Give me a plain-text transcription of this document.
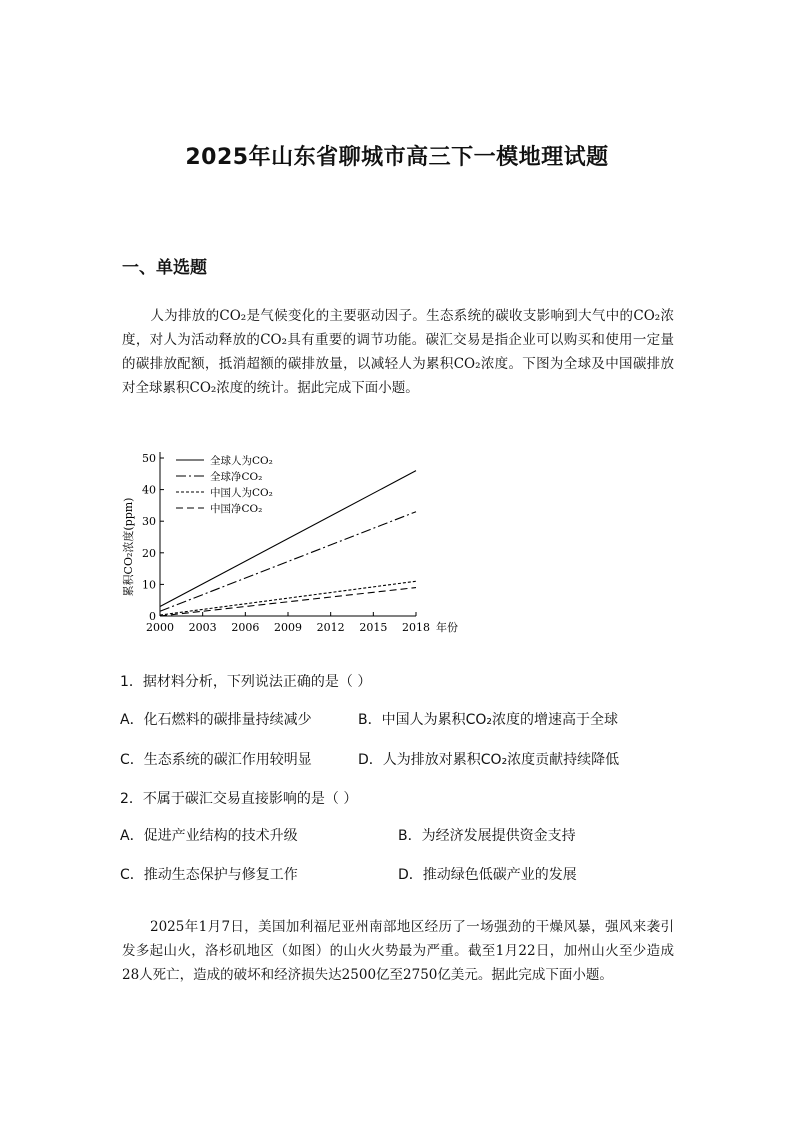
2025年山东省聊城市高三下一模地理试题
一、单选题
人为排放的CO₂是气候变化的主要驱动因子。生态系统的碳收支影响到大气中的CO₂浓度，对人为活动释放的CO₂具有重要的调节功能。碳汇交易是指企业可以购买和使用一定量的碳排放配额，抵消超额的碳排放量，以减轻人为累积CO₂浓度。下图为全球及中国碳排放对全球累积CO₂浓度的统计。据此完成下面小题。
0
10
20
30
40
50
2000 2003 2006 2009 2012 2015 2018 年份
累积CO₂浓度(ppm)
全球人为CO₂
全球净CO₂
中国人为CO₂
中国净CO₂
1．据材料分析，下列说法正确的是（ ）
A．化石燃料的碳排量持续减少	B．中国人为累积CO₂浓度的增速高于全球
C．生态系统的碳汇作用较明显	D．人为排放对累积CO₂浓度贡献持续降低
2．不属于碳汇交易直接影响的是（ ）
A．促进产业结构的技术升级	B．为经济发展提供资金支持
C．推动生态保护与修复工作	D．推动绿色低碳产业的发展
2025年1月7日，美国加利福尼亚州南部地区经历了一场强劲的干燥风暴，强风来袭引发多起山火，洛杉矶地区（如图）的山火火势最为严重。截至1月22日，加州山火至少造成28人死亡，造成的破坏和经济损失达2500亿至2750亿美元。据此完成下面小题。
